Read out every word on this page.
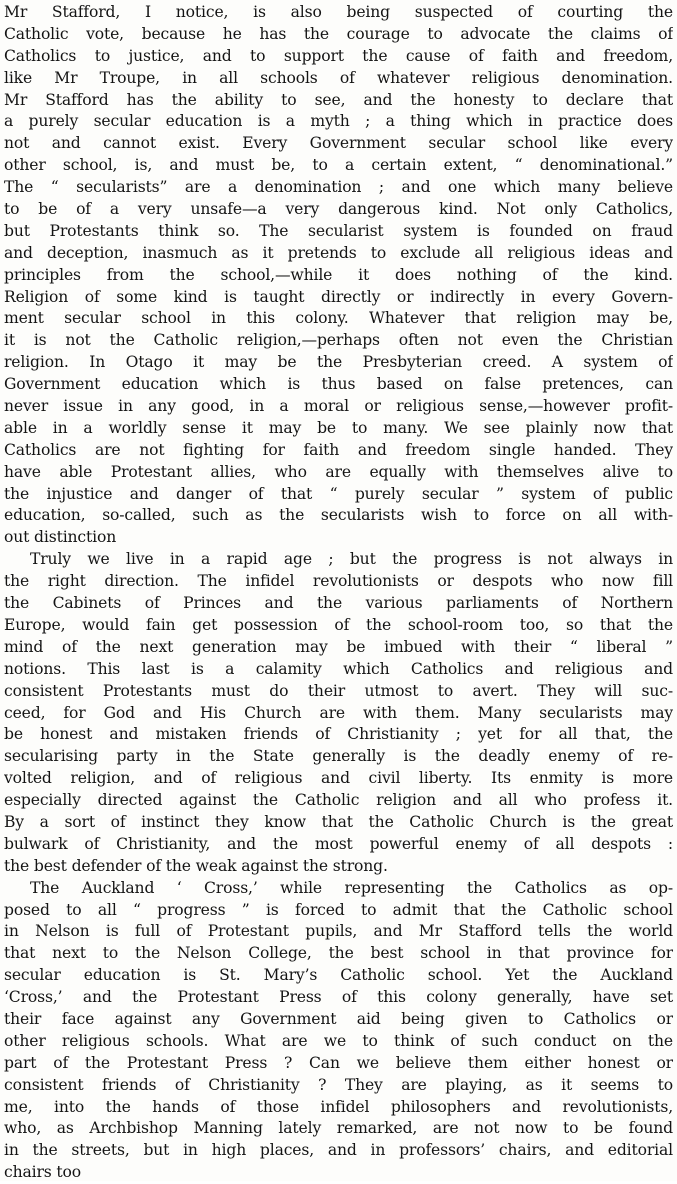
Mr Stafford, I notice, is also being suspected of courting the
Catholic vote, because he has the courage to advocate the claims of
Catholics to justice, and to support the cause of faith and freedom,
like Mr Troupe, in all schools of whatever religious denomination.
Mr Stafford has the ability to see, and the honesty to declare that
a purely secular education is a myth ; a thing which in practice does
not and cannot exist. Every Government secular school like every
other school, is, and must be, to a certain extent, “ denominational.”
The “ secularists” are a denomination ; and one which many believe
to be of a very unsafe—a very dangerous kind. Not only Catholics,
but Protestants think so. The secularist system is founded on fraud
and deception, inasmuch as it pretends to exclude all religious ideas and
principles from the school,—while it does nothing of the kind.
Religion of some kind is taught directly or indirectly in every Govern-
ment secular school in this colony. Whatever that religion may be,
it is not the Catholic religion,—perhaps often not even the Christian
religion. In Otago it may be the Presbyterian creed. A system of
Government education which is thus based on false pretences, can
never issue in any good, in a moral or religious sense,—however profit-
able in a worldly sense it may be to many. We see plainly now that
Catholics are not fighting for faith and freedom single handed. They
have able Protestant allies, who are equally with themselves alive to
the injustice and danger of that “ purely secular ” system of public
education, so-called, such as the secularists wish to force on all with-
out distinction
Truly we live in a rapid age ; but the progress is not always in
the right direction. The infidel revolutionists or despots who now fill
the Cabinets of Princes and the various parliaments of Northern
Europe, would fain get possession of the school-room too, so that the
mind of the next generation may be imbued with their “ liberal ”
notions. This last is a calamity which Catholics and religious and
consistent Protestants must do their utmost to avert. They will suc-
ceed, for God and His Church are with them. Many secularists may
be honest and mistaken friends of Christianity ; yet for all that, the
secularising party in the State generally is the deadly enemy of re-
volted religion, and of religious and civil liberty. Its enmity is more
especially directed against the Catholic religion and all who profess it.
By a sort of instinct they know that the Catholic Church is the great
bulwark of Christianity, and the most powerful enemy of all despots :
the best defender of the weak against the strong.
The Auckland ‘ Cross,’ while representing the Catholics as op-
posed to all “ progress ” is forced to admit that the Catholic school
in Nelson is full of Protestant pupils, and Mr Stafford tells the world
that next to the Nelson College, the best school in that province for
secular education is St. Mary’s Catholic school. Yet the Auckland
‘Cross,’ and the Protestant Press of this colony generally, have set
their face against any Government aid being given to Catholics or
other religious schools. What are we to think of such conduct on the
part of the Protestant Press ? Can we believe them either honest or
consistent friends of Christianity ? They are playing, as it seems to
me, into the hands of those infidel philosophers and revolutionists,
who, as Archbishop Manning lately remarked, are not now to be found
in the streets, but in high places, and in professors’ chairs, and editorial
chairs too
